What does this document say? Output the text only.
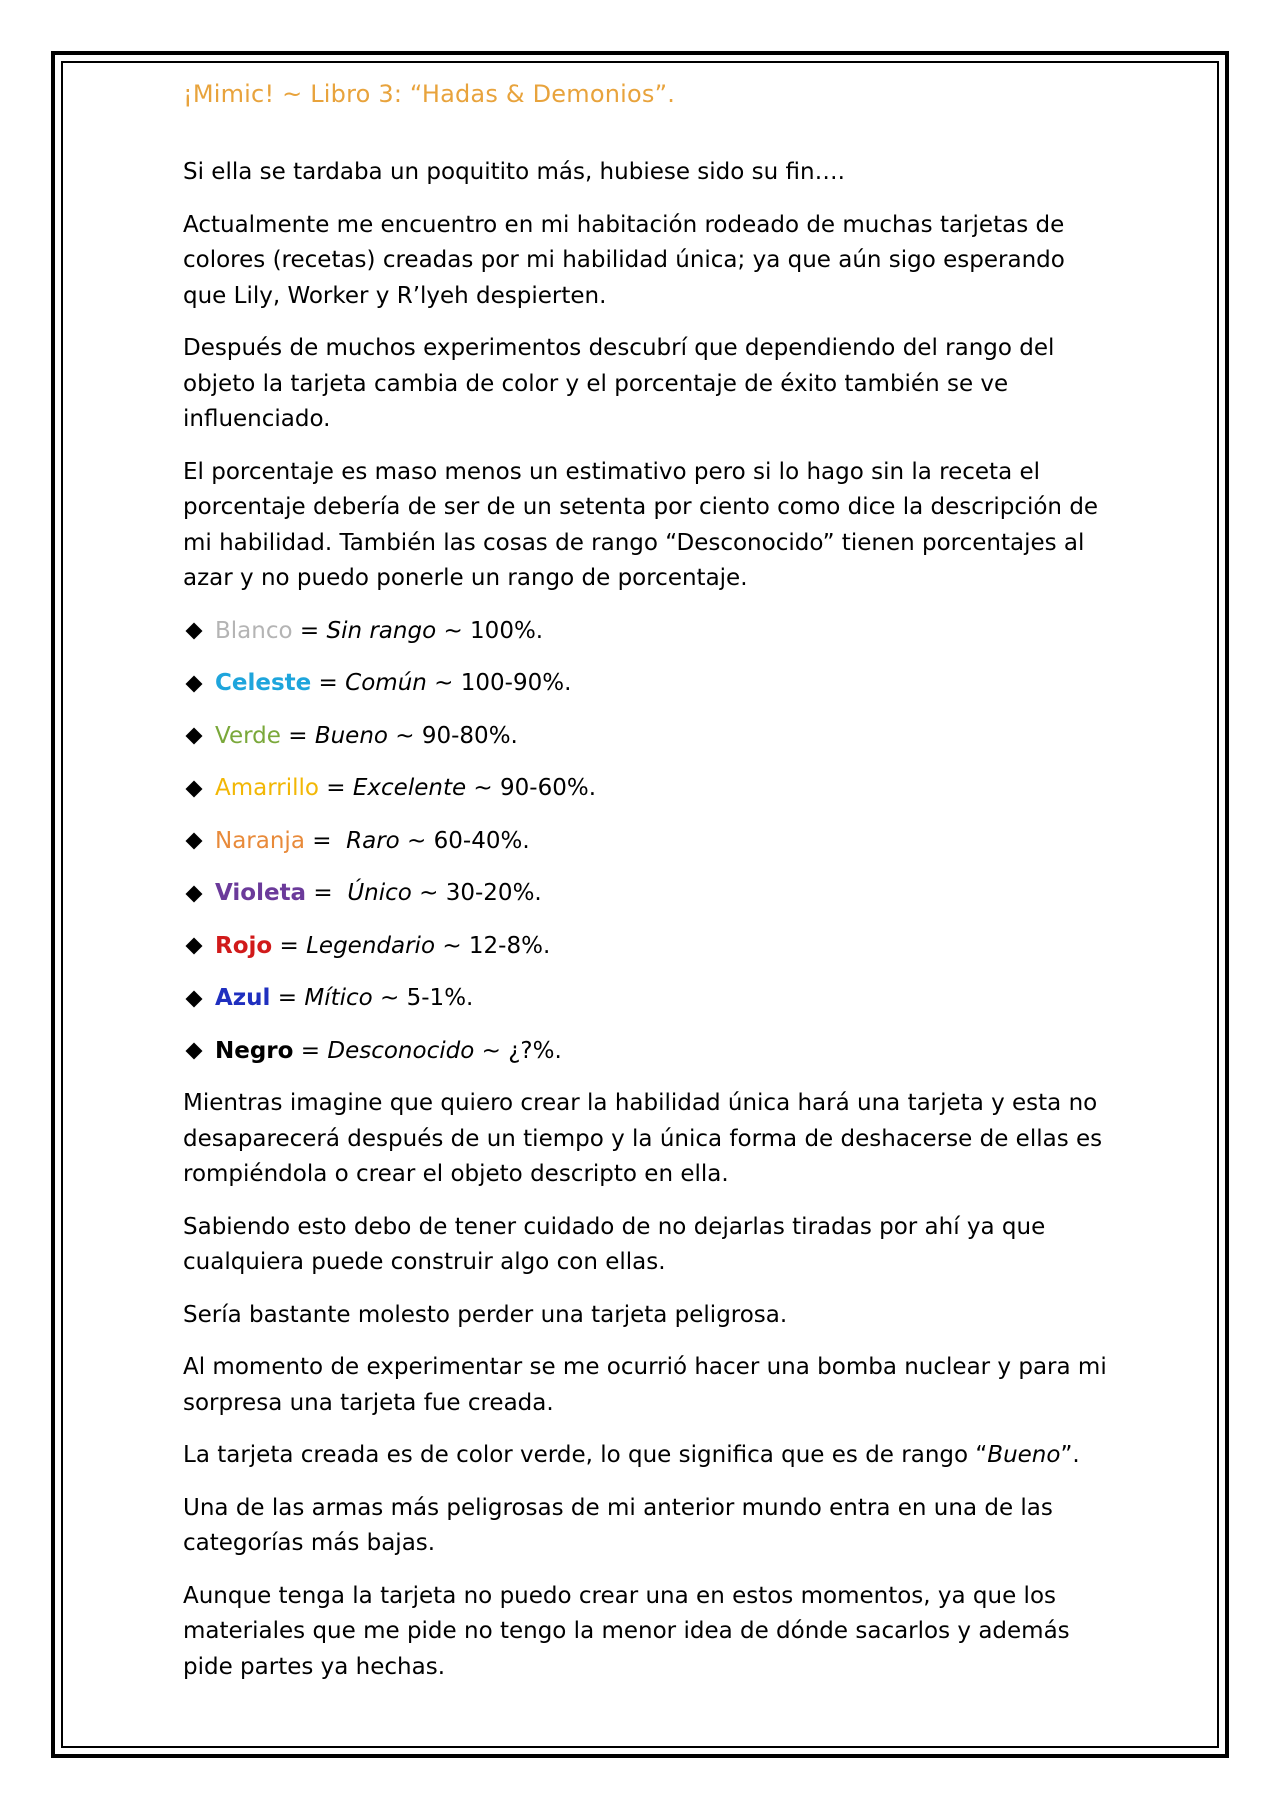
¡Mimic! ~ Libro 3: “Hadas & Demonios”.

Si ella se tardaba un poquitito más, hubiese sido su fin….

Actualmente me encuentro en mi habitación rodeado de muchas tarjetas de colores (recetas) creadas por mi habilidad única; ya que aún sigo esperando que Lily, Worker y R’lyeh despierten.

Después de muchos experimentos descubrí que dependiendo del rango del objeto la tarjeta cambia de color y el porcentaje de éxito también se ve influenciado.

El porcentaje es maso menos un estimativo pero si lo hago sin la receta el porcentaje debería de ser de un setenta por ciento como dice la descripción de mi habilidad. También las cosas de rango “Desconocido” tienen porcentajes al azar y no puedo ponerle un rango de porcentaje.

Blanco = Sin rango ~ 100%.
Celeste = Común ~ 100-90%.
Verde = Bueno ~ 90-80%.
Amarrillo = Excelente ~ 90-60%.
Naranja = Raro ~ 60-40%.
Violeta = Único ~ 30-20%.
Rojo = Legendario ~ 12-8%.
Azul = Mítico ~ 5-1%.
Negro = Desconocido ~ ¿?%.

Mientras imagine que quiero crear la habilidad única hará una tarjeta y esta no desaparecerá después de un tiempo y la única forma de deshacerse de ellas es rompiéndola o crear el objeto descripto en ella.

Sabiendo esto debo de tener cuidado de no dejarlas tiradas por ahí ya que cualquiera puede construir algo con ellas.

Sería bastante molesto perder una tarjeta peligrosa.

Al momento de experimentar se me ocurrió hacer una bomba nuclear y para mi sorpresa una tarjeta fue creada.

La tarjeta creada es de color verde, lo que significa que es de rango “Bueno”.

Una de las armas más peligrosas de mi anterior mundo entra en una de las categorías más bajas.

Aunque tenga la tarjeta no puedo crear una en estos momentos, ya que los materiales que me pide no tengo la menor idea de dónde sacarlos y además pide partes ya hechas.
